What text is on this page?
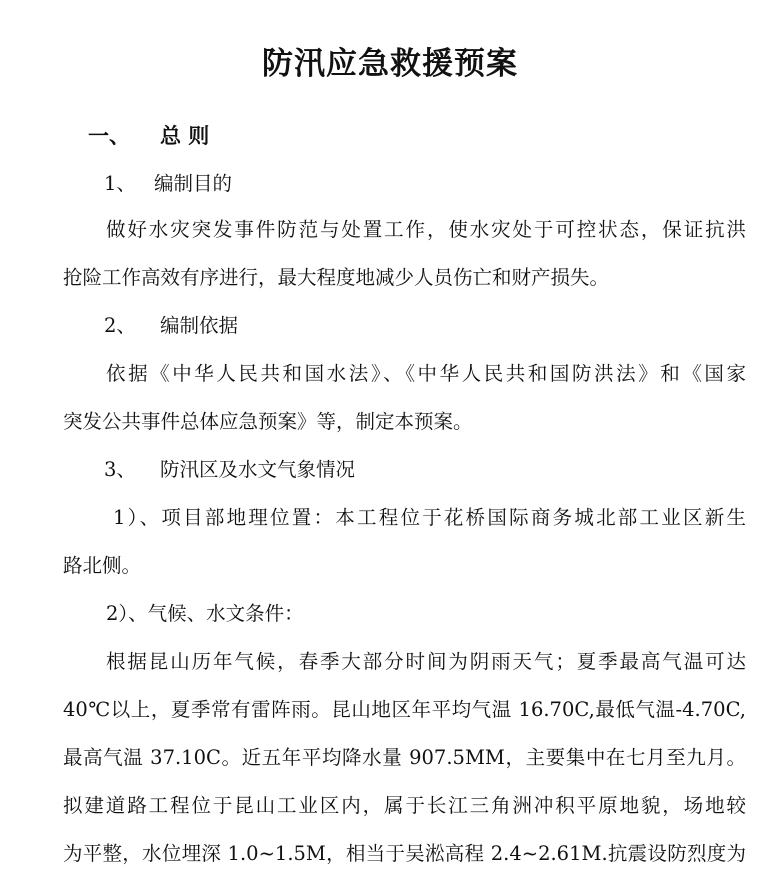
防汛应急救援预案
一、 总 则
1、 编制目的
做好水灾突发事件防范与处置工作，使水灾处于可控状态，保证抗洪
抢险工作高效有序进行，最大程度地减少人员伤亡和财产损失。
2、 编制依据
依据《中华人民共和国水法》、《中华人民共和国防洪法》和《国家
突发公共事件总体应急预案》等，制定本预案。
3、 防汛区及水文气象情况
1）、项目部地理位置：本工程位于花桥国际商务城北部工业区新生
路北侧。
2）、气候、水文条件：
根据昆山历年气候，春季大部分时间为阴雨天气；夏季最高气温可达
40℃以上，夏季常有雷阵雨。昆山地区年平均气温 16.70C,最低气温-4.70C,
最高气温 37.10C。近五年平均降水量 907.5MM，主要集中在七月至九月。
拟建道路工程位于昆山工业区内，属于长江三角洲冲积平原地貌，场地较
为平整，水位埋深 1.0~1.5M，相当于吴淞高程 2.4~2.61M.抗震设防烈度为
